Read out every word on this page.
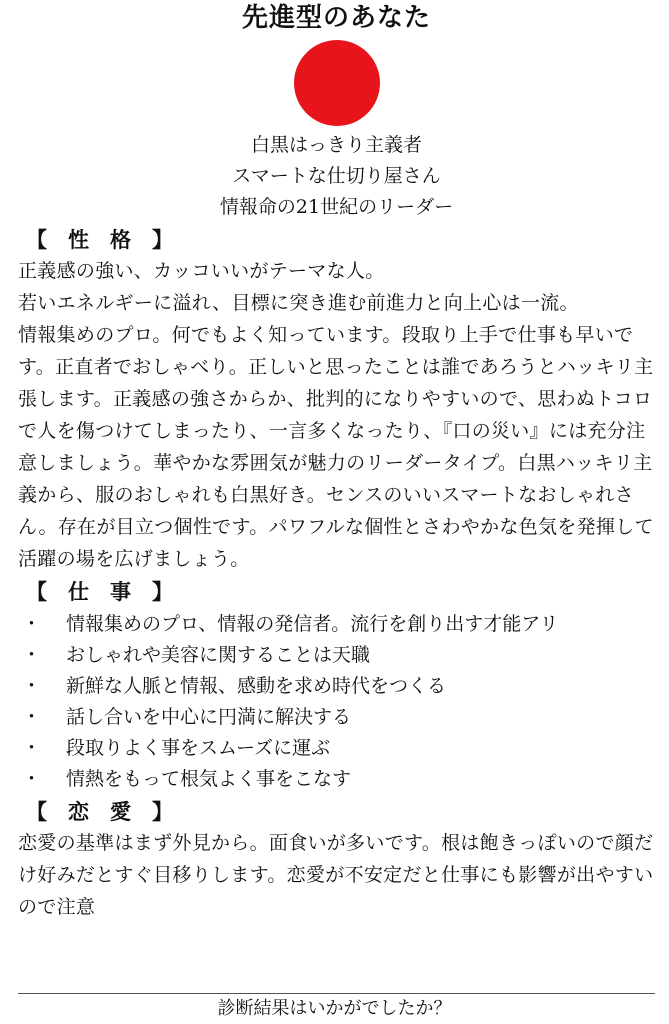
先進型のあなた
白黒はっきり主義者
スマートな仕切り屋さん
情報命の21世紀のリーダー
【　性　格　】

正義感の強い、カッコいいがテーマな人。

若いエネルギーに溢れ、目標に突き進む前進力と向上心は一流。

情報集めのプロ。何でもよく知っています。段取り上手で仕事も早いです。正直者でおしゃべり。正しいと思ったことは誰であろうとハッキリ主張します。正義感の強さからか、批判的になりやすいので、思わぬトコロで人を傷つけてしまったり、一言多くなったり、『口の災い』には充分注意しましょう。華やかな雰囲気が魅力のリーダータイプ。白黒ハッキリ主義から、服のおしゃれも白黒好き。センスのいいスマートなおしゃれさん。存在が目立つ個性です。パワフルな個性とさわやかな色気を発揮して活躍の場を広げましょう。

【　仕　事　】
・	情報集めのプロ、情報の発信者。流行を創り出す才能アリ
・	おしゃれや美容に関することは天職
・	新鮮な人脈と情報、感動を求め時代をつくる
・	話し合いを中心に円満に解決する
・	段取りよく事をスムーズに運ぶ
・	情熱をもって根気よく事をこなす
【　恋　愛　】

恋愛の基準はまず外見から。面食いが多いです。根は飽きっぽいので顔だけ好みだとすぐ目移りします。恋愛が不安定だと仕事にも影響が出やすいので注意

診断結果はいかがでしたか？
